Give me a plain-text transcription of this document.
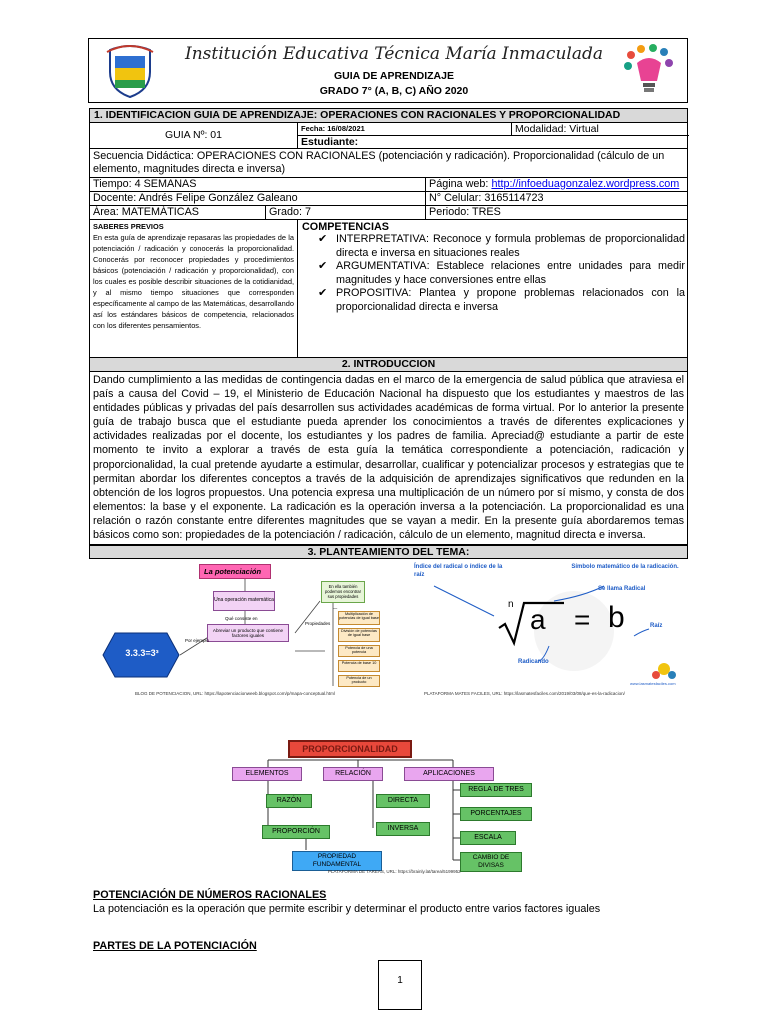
Institución Educativa Técnica María Inmaculada
GUIA DE APRENDIZAJE
GRADO 7° (A, B, C) AÑO 2020
1. IDENTIFICACION GUIA DE APRENDIZAJE: OPERACIONES CON RACIONALES Y PROPORCIONALIDAD
GUIA Nº: 01
Fecha: 16/08/2021	Modalidad: Virtual
Estudiante:
Secuencia Didáctica: OPERACIONES CON RACIONALES (potenciación y radicación). Proporcionalidad (cálculo de un elemento, magnitudes directa e inversa)
Tiempo: 4 SEMANAS	Página web: http://infoeduagonzalez.wordpress.com
Docente: Andrés Felipe González Galeano	N° Celular: 3165114723
Área: MATEMÁTICAS	Grado: 7	Periodo: TRES
SABERES PREVIOS
En esta guía de aprendizaje repasaras las propiedades de la potenciación / radicación y conocerás la proporcionalidad. Conocerás por reconocer propiedades y procedimientos básicos (potenciación / radicación y proporcionalidad), con los cuales es posible describir situaciones de la cotidianidad, y al mismo tiempo situaciones que corresponden específicamente al campo de las Matemáticas, desarrollando así los estándares básicos de competencia, relacionados con los diferentes pensamientos.
COMPETENCIAS
✔ INTERPRETATIVA: Reconoce y formula problemas de proporcionalidad directa e inversa en situaciones reales
✔ ARGUMENTATIVA: Establece relaciones entre unidades para medir magnitudes y hace conversiones entre ellas
✔ PROPOSITIVA: Plantea y propone problemas relacionados con la proporcionalidad directa e inversa
2. INTRODUCCION
Dando cumplimiento a las medidas de contingencia dadas en el marco de la emergencia de salud pública que atraviesa el país a causa del Covid – 19, el Ministerio de Educación Nacional ha dispuesto que los estudiantes y maestros de las entidades públicas y privadas del país desarrollen sus actividades académicas de forma virtual. Por lo anterior la presente guía de trabajo busca que el estudiante pueda aprender los conocimientos a través de diferentes explicaciones y actividades realizadas por el docente, los estudiantes y los padres de familia. Apreciad@ estudiante a partir de este momento te invito a explorar a través de esta guía la temática correspondiente a potenciación, radicación y proporcionalidad, la cual pretende ayudarte a estimular, desarrollar, cualificar y potencializar procesos y estrategias que te permitan abordar los diferentes conceptos a través de la adquisición de aprendizajes significativos que redunden en la obtención de los logros propuestos. Una potencia expresa una multiplicación de un número por sí mismo, y consta de dos elementos: la base y el exponente. La radicación es la operación inversa a la potenciación. La proporcionalidad es una relación o razón constante entre diferentes magnitudes que se vayan a medir. En la presente guía abordaremos temas básicos como son: propiedades de la potenciación / radicación, cálculo de un elemento, magnitud directa e inversa.
3. PLANTEAMIENTO DEL TEMA:
La potenciación
Una operación matemática
Qué consiste en
Abreviar un producto que contiene factores iguales
Por ejemplo
3.3.3=3³
Propiedades
En ella también podemos encontrar sus propiedades
—
Multiplicación de potencias de igual base
División de potencias de igual base
Potencia de una potencia
Potencia de base 10
Potencia de un producto
BLOG DE POTENCIACION, URL: https://lapotenciacionweeb.blogspot.com/p/mapa-conceptual.html
Índice del radical o índice de la raíz
Símbolo matemático de la radicación.
Se llama Radical
n a = b	Raíz
Radicando
www.lasmatesfaciles.com
PLATAFORMA MATES FACILES, URL: https://lasmatesfaciles.com/2019/03/08/que-es-la-radicacion/
PROPORCIONALIDAD
ELEMENTOS	RELACIÓN	APLICACIONES
RAZÓN
PROPORCIÓN
PROPIEDAD FUNDAMENTAL
DIRECTA
INVERSA
REGLA DE TRES
PORCENTAJES
ESCALA
CAMBIO DE DIVISAS
PLATAFORMA DE TAREAS, URL: https://brainly.lat/tarea/5199952
POTENCIACIÓN DE NÚMEROS RACIONALES
La potenciación es la operación que permite escribir y determinar el producto entre varios factores iguales
PARTES DE LA POTENCIACIÓN
1
